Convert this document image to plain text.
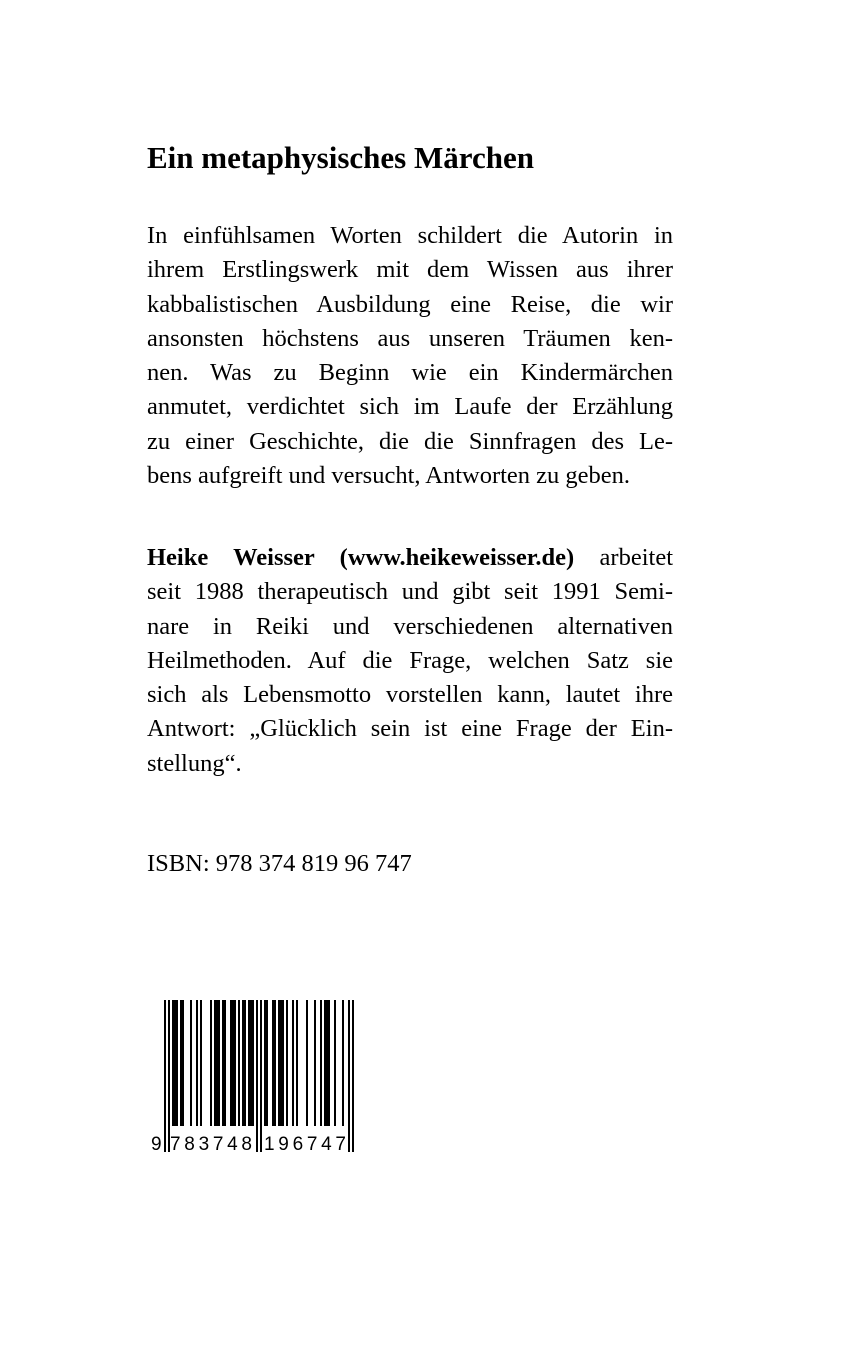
Ein metaphysisches Märchen
In einfühlsamen Worten schildert die Autorin in
ihrem Erstlingswerk mit dem Wissen aus ihrer
kabbalistischen Ausbildung eine Reise, die wir
ansonsten höchstens aus unseren Träumen ken-
nen. Was zu Beginn wie ein Kindermärchen
anmutet, verdichtet sich im Laufe der Erzählung
zu einer Geschichte, die die Sinnfragen des Le-
bens aufgreift und versucht, Antworten zu geben.
Heike Weisser (www.heikeweisser.de) arbeitet
seit 1988 therapeutisch und gibt seit 1991 Semi-
nare in Reiki und verschiedenen alternativen
Heilmethoden. Auf die Frage, welchen Satz sie
sich als Lebensmotto vorstellen kann, lautet ihre
Antwort: „Glücklich sein ist eine Frage der Ein-
stellung“.
ISBN: 978 374 819 96 747
9 783748 196747
